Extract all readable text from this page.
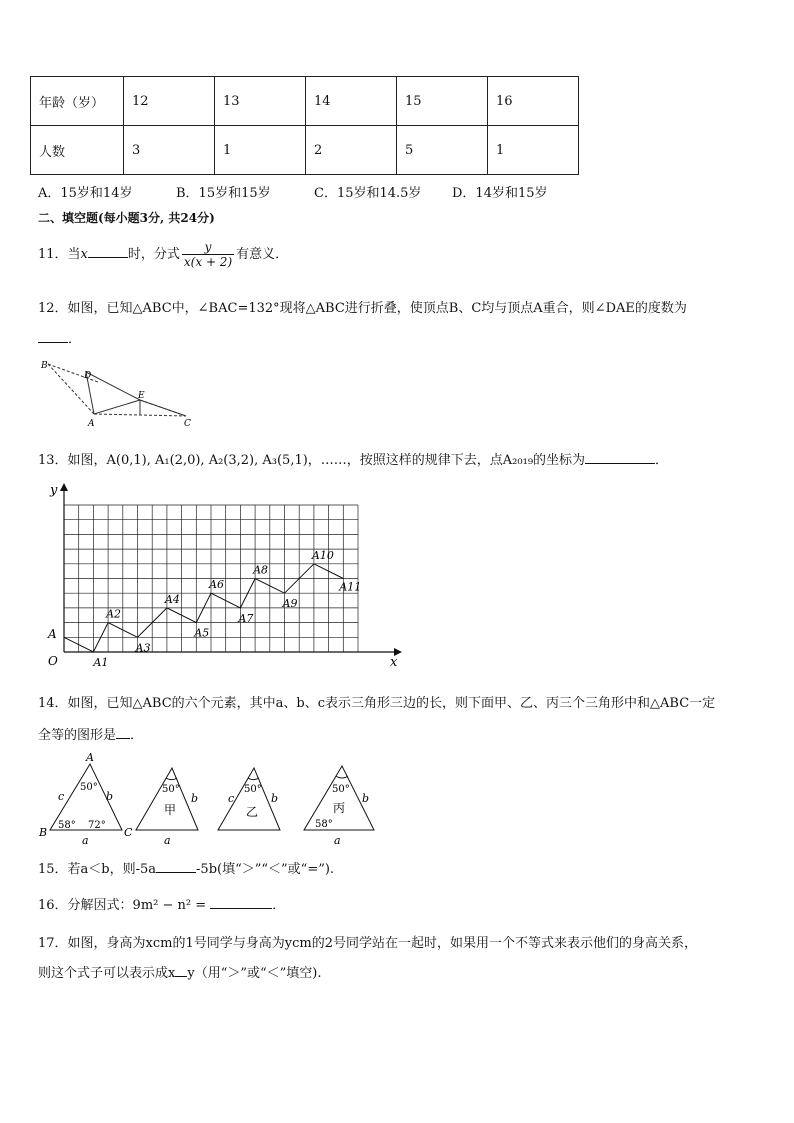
年龄（岁）	12	13	14	15	16
人数	3	1	2	5	1
A．15岁和14岁	B．15岁和15岁	C．15岁和14.5岁 D．14岁和15岁
二、填空题(每小题3分, 共24分)
11．当x	时，分式 $\frac{y}{x(x + 2)}$ 有意义．
12．如图，已知△ABC中，∠BAC=132°现将△ABC进行折叠，使顶点B、C均与顶点A重合，则∠DAE的度数为
．
B
D
E
A	C
13．如图，A(0,1), A₁(2,0), A₂(3,2), A₃(5,1)，……，按照这样的规律下去，点A₂₀₁₉的坐标为	．
A1
A2
A3
A4
A5
A6
A7
A8
A9
A10
A11
y
x
O
A
14．如图，已知△ABC的六个元素，其中a、b、c表示三角形三边的长，则下面甲、乙、丙三个三角形中和△ABC一定
全等的图形是 ．
A
B	C
c	b
a
50°
58° 72°
50°
甲
b
a
50°
乙
c	b
50°
丙
58°
b
a
15．若a＜b，则-5a	-5b(填“＞”“＜”或“=”).
16．分解因式：9m² − n² =	．
17．如图，身高为xcm的1号同学与身高为ycm的2号同学站在一起时，如果用一个不等式来表示他们的身高关系，
则这个式子可以表示成x y（用“＞”或“＜”填空).
